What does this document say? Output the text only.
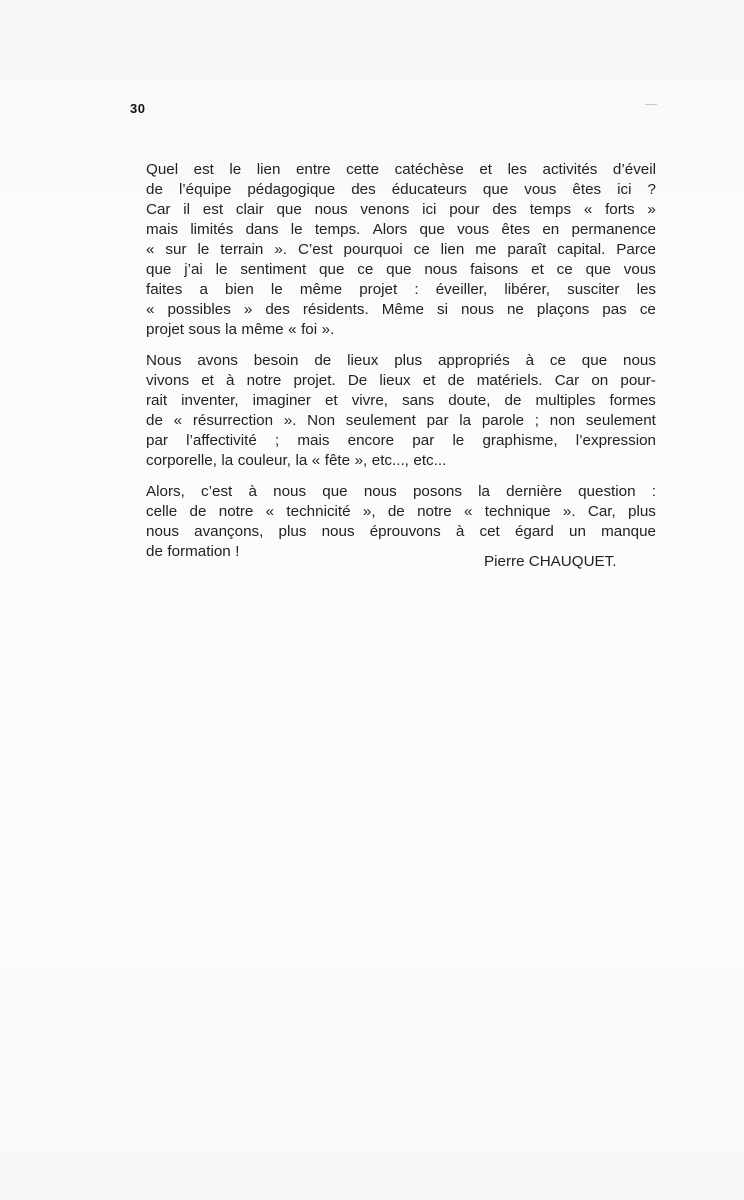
30
Quel est le lien entre cette catéchèse et les activités d’éveil
de l’équipe pédagogique des éducateurs que vous êtes ici ?
Car il est clair que nous venons ici pour des temps « forts »
mais limités dans le temps. Alors que vous êtes en permanence
« sur le terrain ». C’est pourquoi ce lien me paraît capital. Parce
que j’ai le sentiment que ce que nous faisons et ce que vous
faites a bien le même projet : éveiller, libérer, susciter les
« possibles » des résidents. Même si nous ne plaçons pas ce
projet sous la même « foi ».
Nous avons besoin de lieux plus appropriés à ce que nous
vivons et à notre projet. De lieux et de matériels. Car on pour-
rait inventer, imaginer et vivre, sans doute, de multiples formes
de « résurrection ». Non seulement par la parole ; non seulement
par l’affectivité ; mais encore par le graphisme, l’expression
corporelle, la couleur, la « fête », etc..., etc...
Alors, c’est à nous que nous posons la dernière question :
celle de notre « technicité », de notre « technique ». Car, plus
nous avançons, plus nous éprouvons à cet égard un manque
de formation !
Pierre CHAUQUET.
